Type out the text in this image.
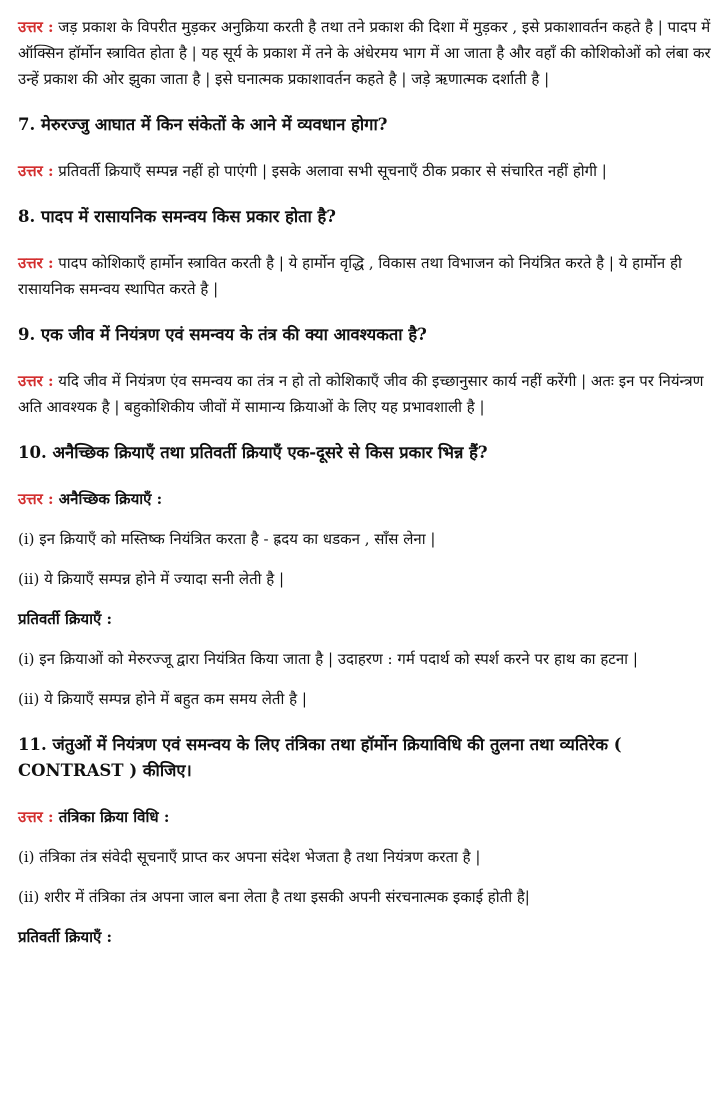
उत्तर : जड़ प्रकाश के विपरीत मुड़कर अनुक्रिया करती है तथा तने प्रकाश की दिशा में मुड़कर , इसे प्रकाशावर्तन कहते है | पादप में ऑक्सिन हॉर्मोन स्त्रावित होता है | यह सूर्य के प्रकाश में तने के अंधेरमय भाग में आ जाता है और वहाँ की कोशिकोओं को लंबा कर उन्हें प्रकाश की ओर झुका जाता है | इसे घनात्मक प्रकाशावर्तन कहते है | जड़े ऋणात्मक दर्शाती है |

7. मेरुरज्जु आघात में किन संकेतों के आने में व्यवधान होगा?

उत्तर : प्रतिवर्ती क्रियाएँ सम्पन्न नहीं हो पाएंगी | इसके अलावा सभी सूचनाएँ ठीक प्रकार से संचारित नहीं होगी |

8. पादप में रासायनिक समन्वय किस प्रकार होता है?

उत्तर : पादप कोशिकाएँ हार्मोन स्त्रावित करती है | ये हार्मोन वृद्धि , विकास तथा विभाजन को नियंत्रित करते है | ये हार्मोन ही रासायनिक समन्वय स्थापित करते है |

9. एक जीव में नियंत्रण एवं समन्वय के तंत्र की क्या आवश्यकता है?

उत्तर : यदि जीव में नियंत्रण एंव समन्वय का तंत्र न हो तो कोशिकाएँ जीव की इच्छानुसार कार्य नहीं करेंगी | अतः इन पर नियंन्त्रण अति आवश्यक है | बहुकोशिकीय जीवों में सामान्य क्रियाओं के लिए यह प्रभावशाली है |

10. अनैच्छिक क्रियाएँ तथा प्रतिवर्ती क्रियाएँ एक-दूसरे से किस प्रकार भिन्न हैं?

उत्तर : अनैच्छिक क्रियाएँ :

(i) इन क्रियाएँ को मस्तिष्क नियंत्रित करता है - ह्रदय का धडकन , साँस लेना |

(ii) ये क्रियाएँ सम्पन्न होने में ज्यादा सनी लेती है |

प्रतिवर्ती क्रियाएँ :

(i) इन क्रियाओं को मेरुरज्जू द्वारा नियंत्रित किया जाता है | उदाहरण : गर्म पदार्थ को स्पर्श करने पर हाथ का हटना |

(ii) ये क्रियाएँ सम्पन्न होने में बहुत कम समय लेती है |

11. जंतुओं में नियंत्रण एवं समन्वय के लिए तंत्रिका तथा हॉर्मोन क्रियाविधि की तुलना तथा व्यतिरेक ( CONTRAST ) कीजिए।

उत्तर : तंत्रिका क्रिया विधि :

(i) तंत्रिका तंत्र संवेदी सूचनाएँ प्राप्त कर अपना संदेश भेजता है तथा नियंत्रण करता है |

(ii) शरीर में तंत्रिका तंत्र अपना जाल बना लेता है तथा इसकी अपनी संरचनात्मक इकाई होती है|

प्रतिवर्ती क्रियाएँ :
